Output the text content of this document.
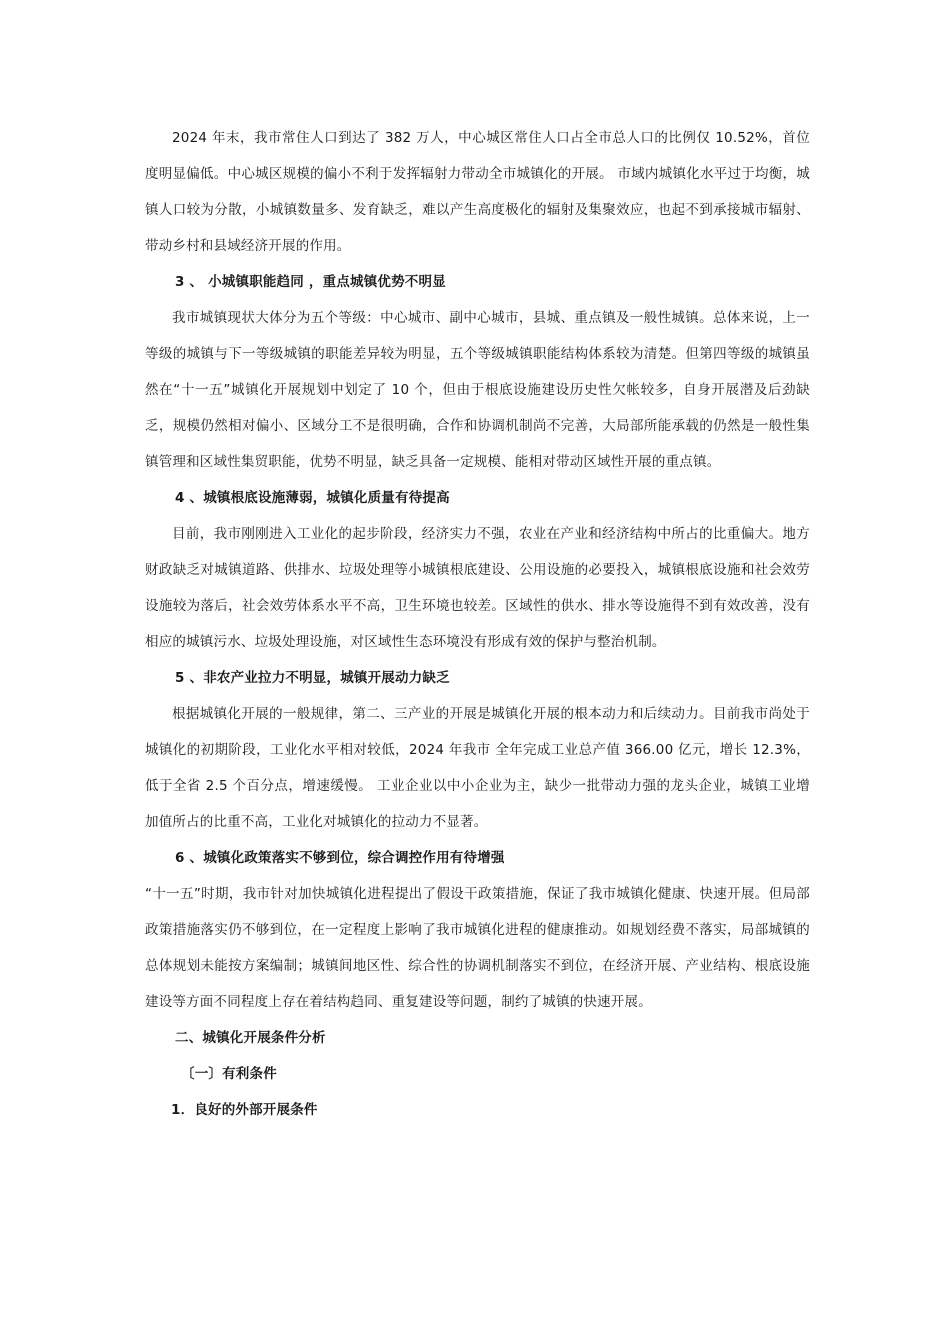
2024 年末，我市常住人口到达了 382 万人，中心城区常住人口占全市总人口的比例仅 10.52%，首位度明显偏低。中心城区规模的偏小不利于发挥辐射力带动全市城镇化的开展。 市域内城镇化水平过于均衡，城镇人口较为分散，小城镇数量多、发育缺乏，难以产生高度极化的辐射及集聚效应，也起不到承接城市辐射、带动乡村和县域经济开展的作用。

3 、 小城镇职能趋同 ，重点城镇优势不明显

我市城镇现状大体分为五个等级：中心城市、副中心城市，县城、重点镇及一般性城镇。总体来说，上一等级的城镇与下一等级城镇的职能差异较为明显，五个等级城镇职能结构体系较为清楚。但第四等级的城镇虽然在“十一五”城镇化开展规划中划定了 10 个，但由于根底设施建设历史性欠帐较多，自身开展潜及后劲缺乏，规模仍然相对偏小、区域分工不是很明确，合作和协调机制尚不完善，大局部所能承载的仍然是一般性集镇管理和区域性集贸职能，优势不明显，缺乏具备一定规模、能相对带动区域性开展的重点镇。

4 、城镇根底设施薄弱，城镇化质量有待提高

目前，我市刚刚进入工业化的起步阶段，经济实力不强，农业在产业和经济结构中所占的比重偏大。地方财政缺乏对城镇道路、供排水、垃圾处理等小城镇根底建设、公用设施的必要投入，城镇根底设施和社会效劳设施较为落后，社会效劳体系水平不高，卫生环境也较差。区域性的供水、排水等设施得不到有效改善，没有相应的城镇污水、垃圾处理设施，对区域性生态环境没有形成有效的保护与整治机制。

5 、非农产业拉力不明显，城镇开展动力缺乏

根据城镇化开展的一般规律，第二、三产业的开展是城镇化开展的根本动力和后续动力。目前我市尚处于城镇化的初期阶段，工业化水平相对较低，2024 年我市 全年完成工业总产值 366.00 亿元，增长 12.3%，低于全省 2.5 个百分点，增速缓慢。 工业企业以中小企业为主，缺少一批带动力强的龙头企业，城镇工业增加值所占的比重不高，工业化对城镇化的拉动力不显著。

6 、城镇化政策落实不够到位，综合调控作用有待增强

“十一五”时期，我市针对加快城镇化进程提出了假设干政策措施，保证了我市城镇化健康、快速开展。但局部政策措施落实仍不够到位，在一定程度上影响了我市城镇化进程的健康推动。如规划经费不落实，局部城镇的总体规划未能按方案编制；城镇间地区性、综合性的协调机制落实不到位，在经济开展、产业结构、根底设施建设等方面不同程度上存在着结构趋同、重复建设等问题，制约了城镇的快速开展。

二、城镇化开展条件分析

〔一〕有利条件

1．良好的外部开展条件
